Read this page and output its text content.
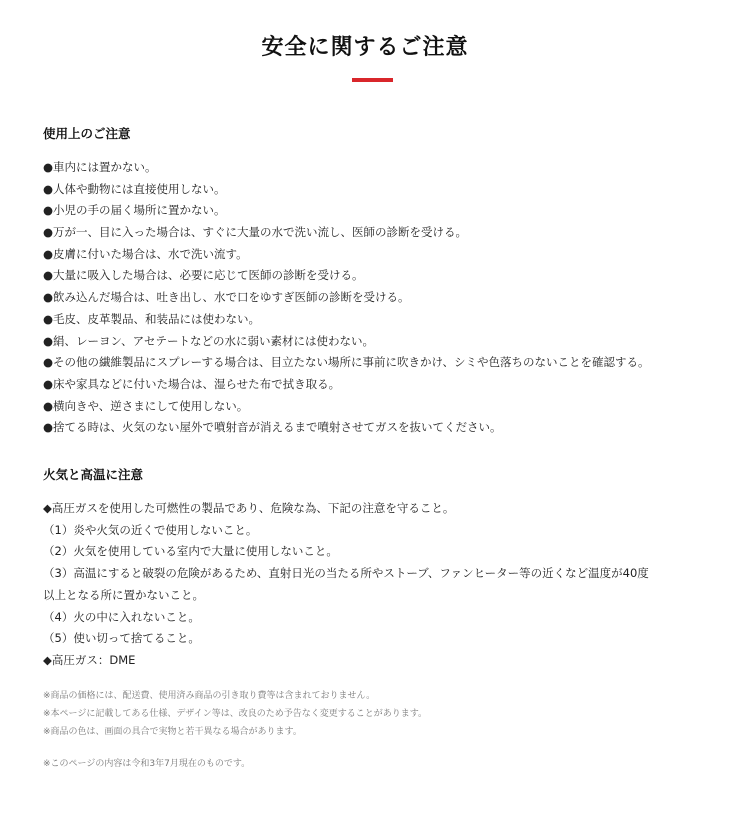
安全に関するご注意
使用上のご注意
●車内には置かない。
●人体や動物には直接使用しない。
●小児の手の届く場所に置かない。
●万が一、目に入った場合は、すぐに大量の水で洗い流し、医師の診断を受ける。
●皮膚に付いた場合は、水で洗い流す。
●大量に吸入した場合は、必要に応じて医師の診断を受ける。
●飲み込んだ場合は、吐き出し、水で口をゆすぎ医師の診断を受ける。
●毛皮、皮革製品、和装品には使わない。
●絹、レーヨン、アセテートなどの水に弱い素材には使わない。
●その他の繊維製品にスプレーする場合は、目立たない場所に事前に吹きかけ、シミや色落ちのないことを確認する。
●床や家具などに付いた場合は、湿らせた布で拭き取る。
●横向きや、逆さまにして使用しない。
●捨てる時は、火気のない屋外で噴射音が消えるまで噴射させてガスを抜いてください。
火気と高温に注意
◆高圧ガスを使用した可燃性の製品であり、危険な為、下記の注意を守ること。
（1）炎や火気の近くで使用しないこと。
（2）火気を使用している室内で大量に使用しないこと。
（3）高温にすると破裂の危険があるため、直射日光の当たる所やストーブ、ファンヒーター等の近くなど温度が40度
以上となる所に置かないこと。
（4）火の中に入れないこと。
（5）使い切って捨てること。
◆高圧ガス：DME
※商品の価格には、配送費、使用済み商品の引き取り費等は含まれておりません。
※本ページに記載してある仕様、デザイン等は、改良のため予告なく変更することがあります。
※商品の色は、画面の具合で実物と若干異なる場合があります。
※このページの内容は令和3年7月現在のものです。
